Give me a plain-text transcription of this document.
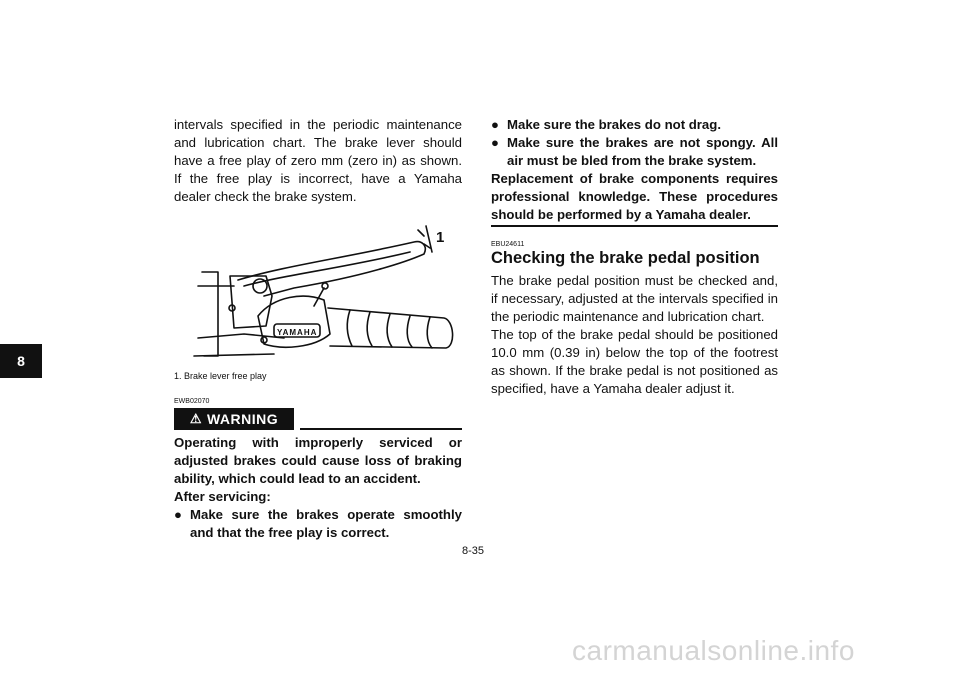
8
intervals specified in the periodic maintenance and lubrication chart. The brake lever should have a free play of zero mm (zero in) as shown. If the free play is incorrect, have a Yamaha dealer check the brake system.
1
YAMAHA
1. Brake lever free play

EWB02070

⚠ WARNING
Operating with improperly serviced or adjusted brakes could cause loss of braking ability, which could lead to an accident.
After servicing:
● Make sure the brakes operate smoothly and that the free play is correct.
● Make sure the brakes do not drag.
● Make sure the brakes are not spongy. All air must be bled from the brake system.
Replacement of brake components requires professional knowledge. These procedures should be performed by a Yamaha dealer.

EBU24611

Checking the brake pedal position
The brake pedal position must be checked and, if necessary, adjusted at the intervals specified in the periodic maintenance and lubrication chart.
The top of the brake pedal should be positioned 10.0 mm (0.39 in) below the top of the footrest as shown. If the brake pedal is not positioned as specified, have a Yamaha dealer adjust it.
8-35
carmanualsonline.info
